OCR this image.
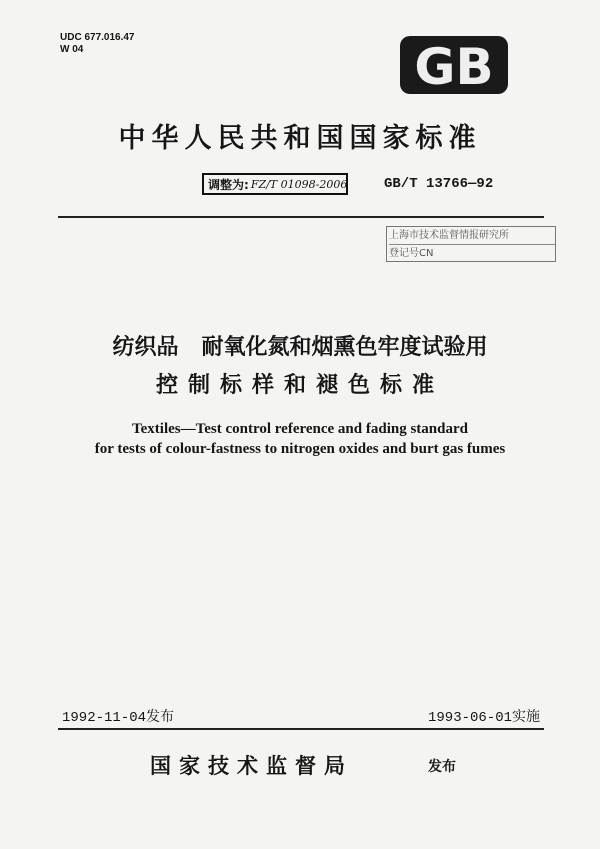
UDC 677.016.47
W 04	GB
中华人民共和国国家标准
调整为: FZ/T 01098-2006	GB/T 13766—92
上海市技术监督情报研究所
登记号CN
纺织品   耐氧化氮和烟熏色牢度试验用
控制标样和褪色标准
Textiles—Test control reference and fading standard
for tests of colour-fastness to nitrogen oxides and burt gas fumes
1992-11-04发布	1993-06-01实施
国家技术监督局	发布
